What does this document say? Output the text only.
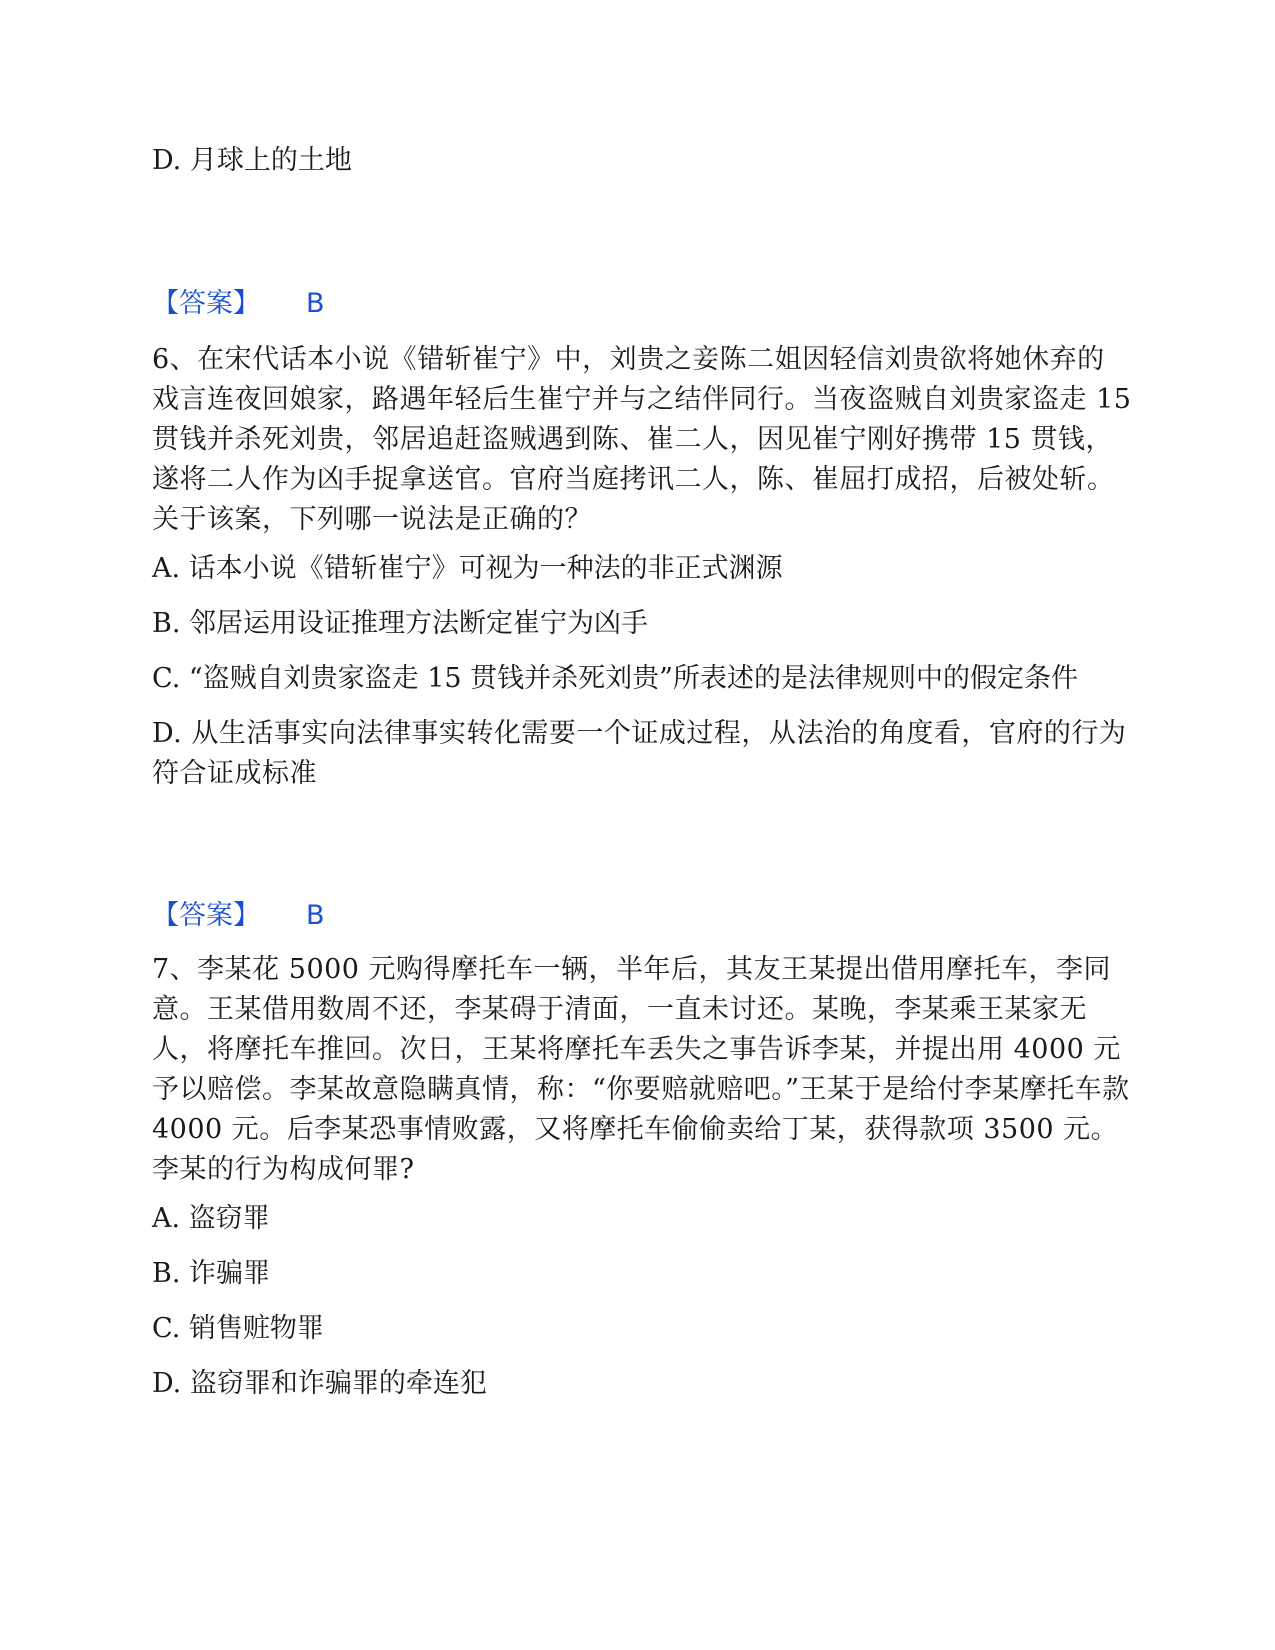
D. 月球上的土地
【答案】 B
6、在宋代话本小说《错斩崔宁》中，刘贵之妾陈二姐因轻信刘贵欲将她休弃的戏言连夜回娘家，路遇年轻后生崔宁并与之结伴同行。当夜盗贼自刘贵家盗走 15 贯钱并杀死刘贵，邻居追赶盗贼遇到陈、崔二人，因见崔宁刚好携带 15 贯钱，遂将二人作为凶手捉拿送官。官府当庭拷讯二人，陈、崔屈打成招，后被处斩。关于该案，下列哪一说法是正确的？
A. 话本小说《错斩崔宁》可视为一种法的非正式渊源
B. 邻居运用设证推理方法断定崔宁为凶手
C. “盗贼自刘贵家盗走 15 贯钱并杀死刘贵”所表述的是法律规则中的假定条件
D. 从生活事实向法律事实转化需要一个证成过程，从法治的角度看，官府的行为符合证成标准
【答案】 B
7、李某花 5000 元购得摩托车一辆，半年后，其友王某提出借用摩托车，李同意。王某借用数周不还，李某碍于清面，一直未讨还。某晚，李某乘王某家无人，将摩托车推回。次日，王某将摩托车丢失之事告诉李某，并提出用 4000 元予以赔偿。李某故意隐瞒真情，称：“你要赔就赔吧。”王某于是给付李某摩托车款 4000 元。后李某恐事情败露，又将摩托车偷偷卖给丁某，获得款项 3500 元。李某的行为构成何罪?
A. 盗窃罪
B. 诈骗罪
C. 销售赃物罪
D. 盗窃罪和诈骗罪的牵连犯
